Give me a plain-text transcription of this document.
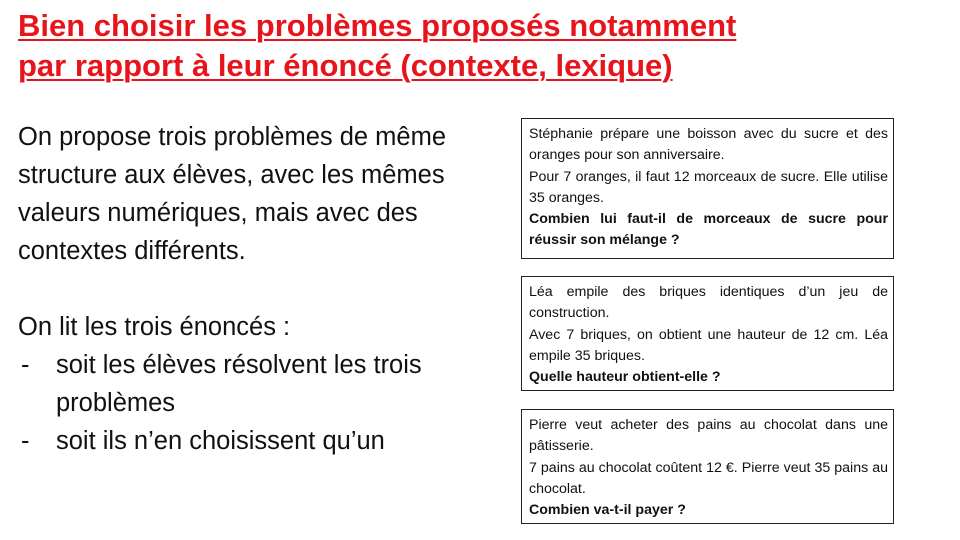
Bien choisir les problèmes proposés notamment
par rapport à leur énoncé (contexte, lexique)
On propose trois problèmes de même structure aux élèves, avec les mêmes valeurs numériques, mais avec des contextes différents.
On lit les trois énoncés :
- soit les élèves résolvent les trois problèmes
- soit ils n’en choisissent qu’un

Stéphanie prépare une boisson avec du sucre et des oranges pour son anniversaire.

Pour 7 oranges, il faut 12 morceaux de sucre. Elle utilise 35 oranges.

Combien lui faut-il de morceaux de sucre pour réussir son mélange ?

Léa empile des briques identiques d’un jeu de construction.

Avec 7 briques, on obtient une hauteur de 12 cm. Léa empile 35 briques.

Quelle hauteur obtient-elle ?

Pierre veut acheter des pains au chocolat dans une pâtisserie.

7 pains au chocolat coûtent 12 €. Pierre veut 35 pains au chocolat.

Combien va-t-il payer ?
